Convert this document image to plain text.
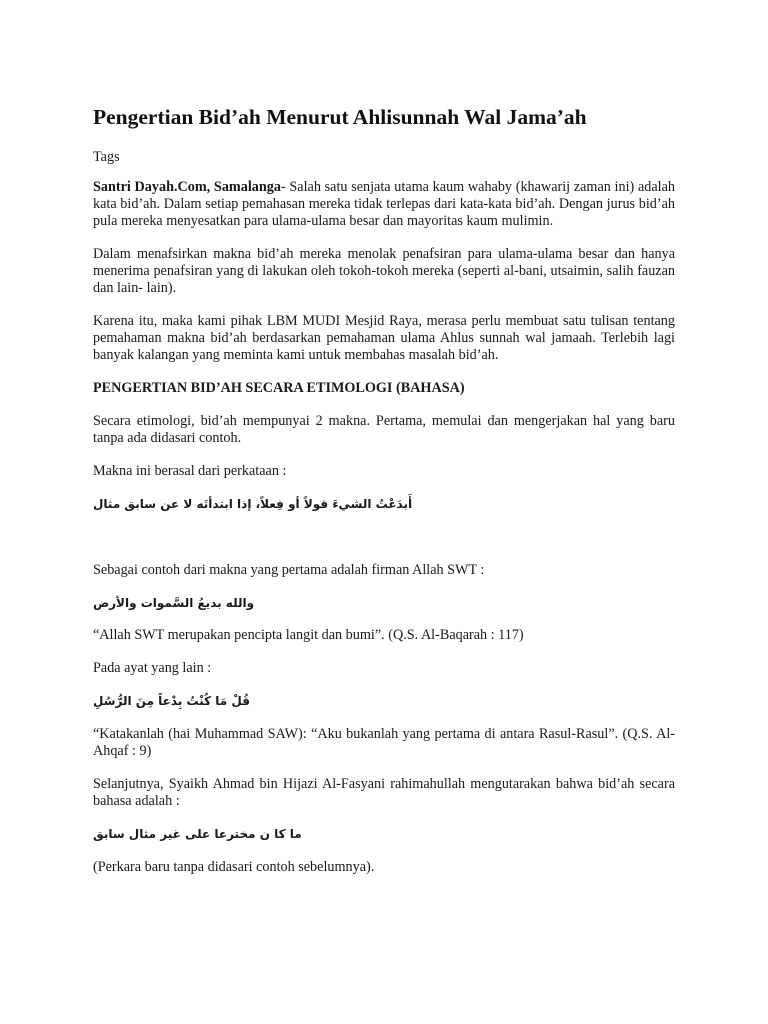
Pengertian Bid’ah Menurut Ahlisunnah Wal Jama’ah

Tags

Santri Dayah.Com, Samalanga- Salah satu senjata utama kaum wahaby (khawarij zaman ini) adalah kata bid’ah. Dalam setiap pemahasan mereka tidak terlepas dari kata-kata bid’ah. Dengan jurus bid’ah pula mereka menyesatkan para ulama-ulama besar dan mayoritas kaum mulimin.

Dalam menafsirkan makna bid’ah mereka menolak penafsiran para ulama-ulama besar dan hanya menerima penafsiran yang di lakukan oleh tokoh-tokoh mereka (seperti al-bani, utsaimin, salih fauzan dan lain- lain).

Karena itu, maka kami pihak LBM MUDI Mesjid Raya, merasa perlu membuat satu tulisan tentang pemahaman makna bid’ah berdasarkan pemahaman ulama Ahlus sunnah wal jamaah. Terlebih lagi banyak kalangan yang meminta kami untuk membahas masalah bid’ah.

PENGERTIAN BID’AH SECARA ETIMOLOGI (BAHASA)

Secara etimologi, bid’ah mempunyai 2 makna. Pertama, memulai dan mengerjakan hal yang baru tanpa ada didasari contoh.

Makna ini berasal dari perkataan :

أَبدَعْتُ الشيءَ قولاً أو فِعلاً، إذا ابتدأتَه لا عن سابق مثال

Sebagai contoh dari makna yang pertama adalah firman Allah SWT :

والله بديعُ السَّموات والأرض

“Allah SWT merupakan pencipta langit dan bumi”. (Q.S. Al-Baqarah : 117)

Pada ayat yang lain :

قُلْ مَا كُنْتُ بِدْعاً مِنَ الرُّسُلِ

“Katakanlah (hai Muhammad SAW): “Aku bukanlah yang pertama di antara Rasul-Rasul”. (Q.S. Al-Ahqaf : 9)

Selanjutnya, Syaikh Ahmad bin Hijazi Al-Fasyani rahimahullah mengutarakan bahwa bid’ah secara bahasa adalah :

ما كا ن مخترعا على غير مثال سابق

(Perkara baru tanpa didasari contoh sebelumnya).
